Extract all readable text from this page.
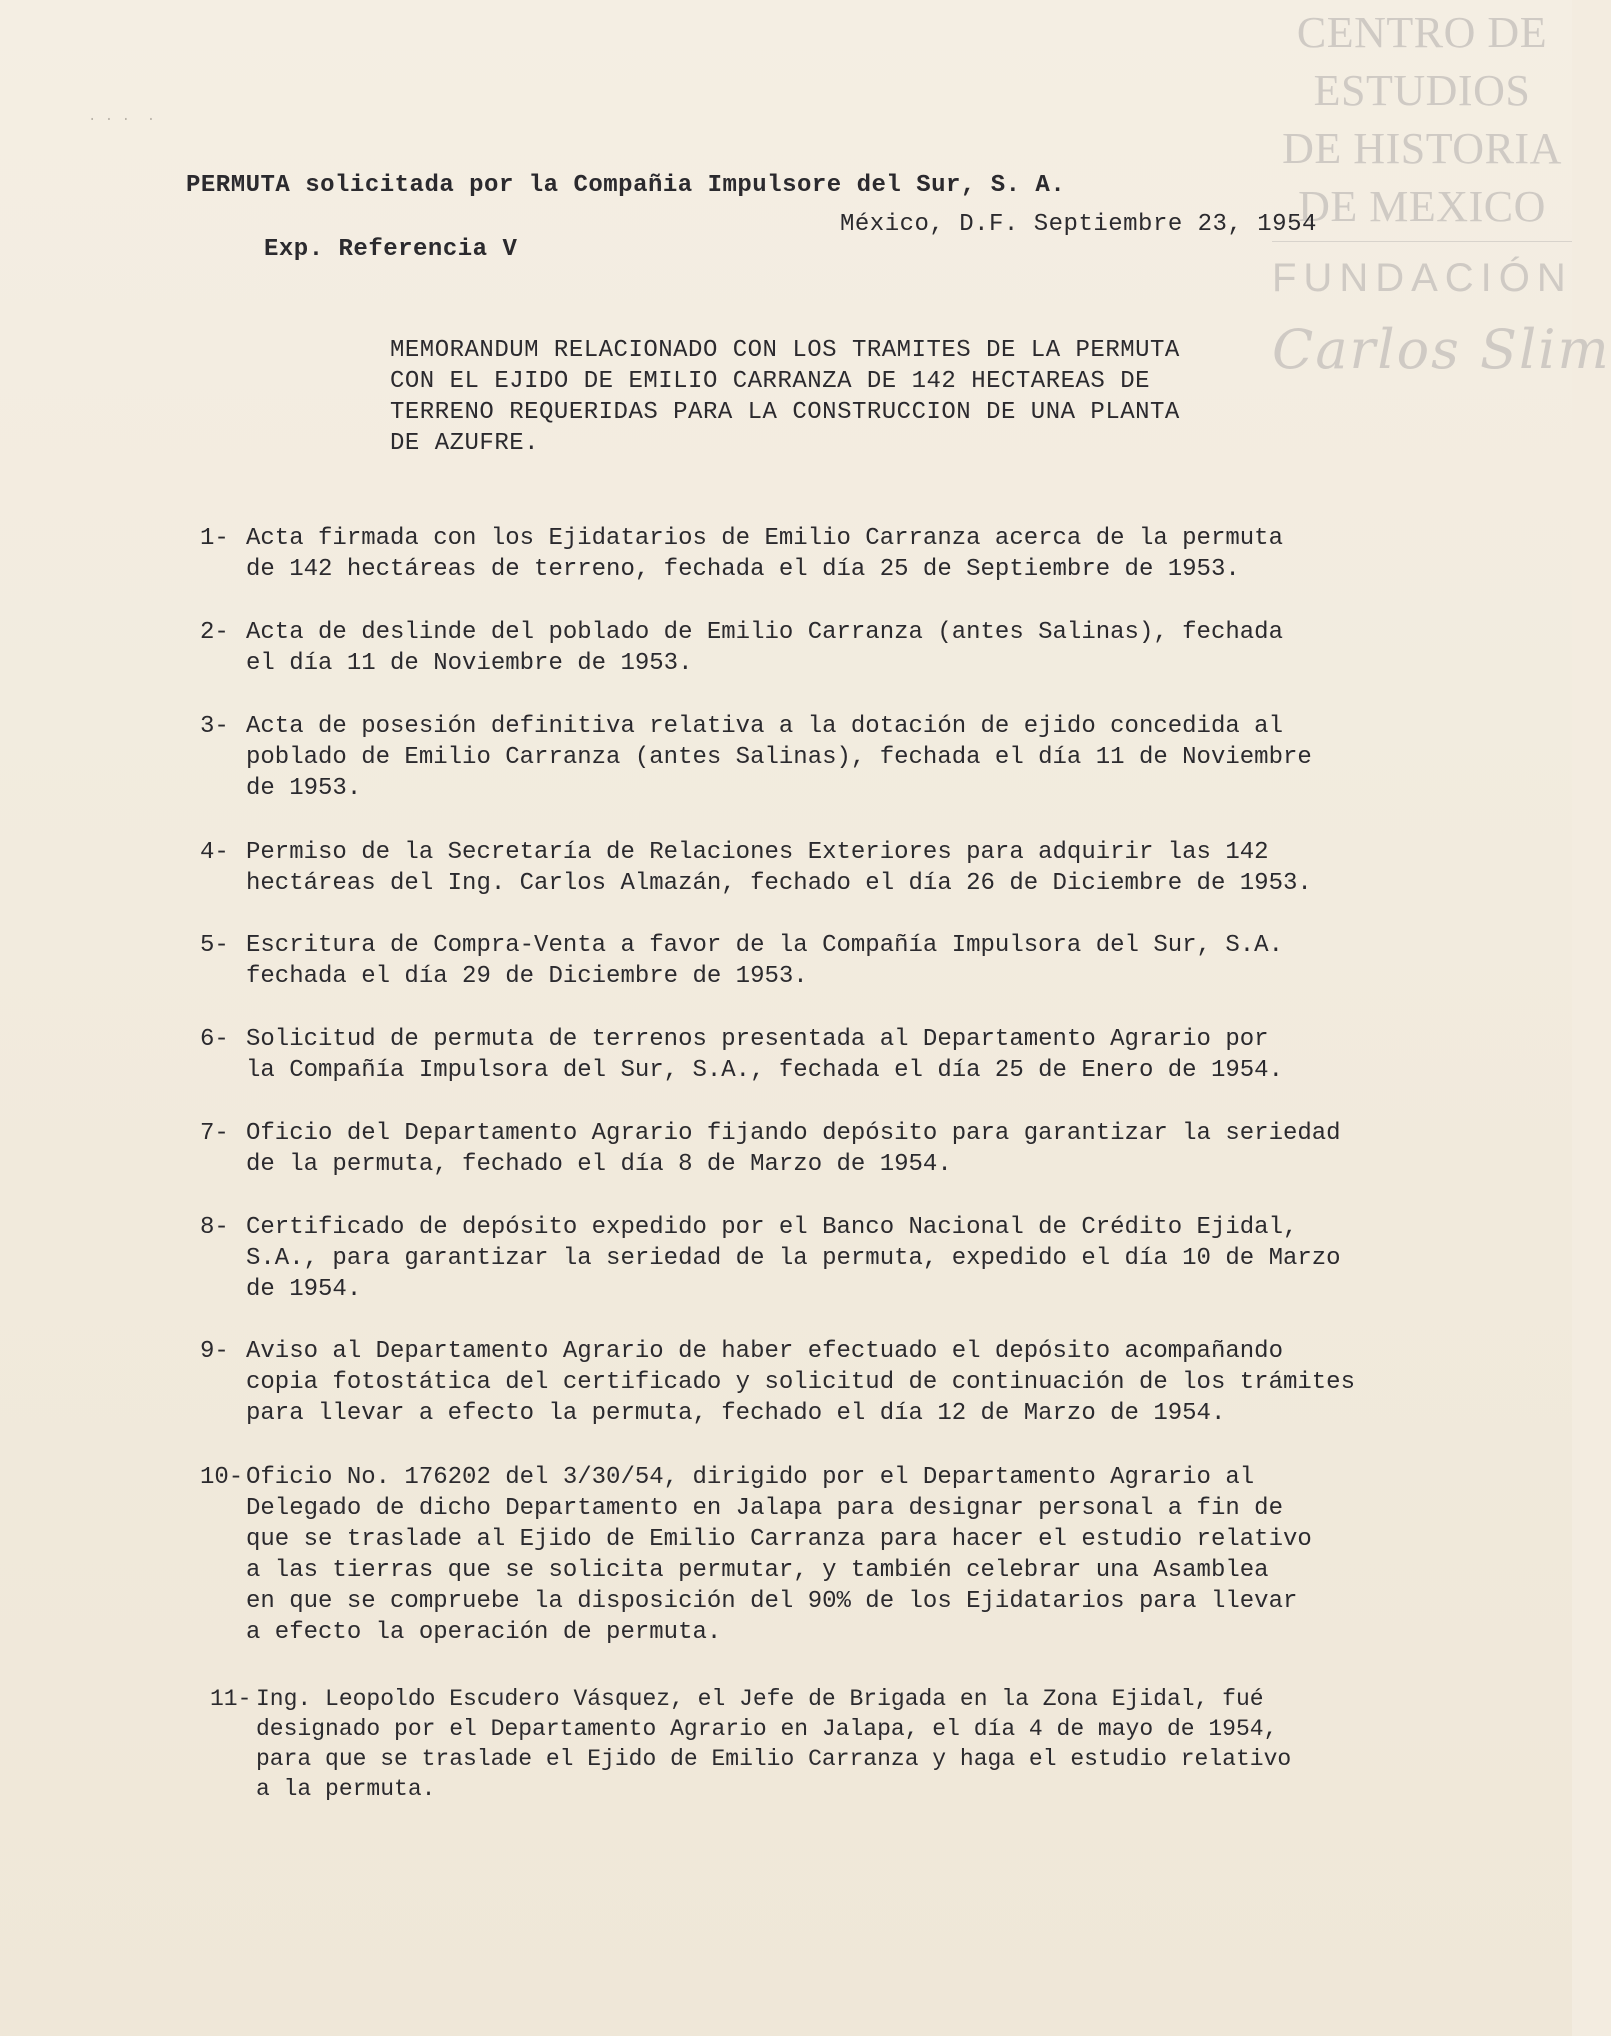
· · ·  ·
CENTRO DE
ESTUDIOS
DE HISTORIA
DE MEXICO
FUNDACIÓN
Carlos Slim
PERMUTA solicitada por la Compañia Impulsore del Sur, S. A.
México, D.F. Septiembre 23, 1954
Exp. Referencia V
MEMORANDUM RELACIONADO CON LOS TRAMITES DE LA PERMUTA
CON EL EJIDO DE EMILIO CARRANZA DE 142 HECTAREAS DE
TERRENO REQUERIDAS PARA LA CONSTRUCCION DE UNA PLANTA
DE AZUFRE.
1- Acta firmada con los Ejidatarios de Emilio Carranza acerca de la permuta
de 142 hectáreas de terreno, fechada el día 25 de Septiembre de 1953.
2- Acta de deslinde del poblado de Emilio Carranza (antes Salinas), fechada
el día 11 de Noviembre de 1953.
3- Acta de posesión definitiva relativa a la dotación de ejido concedida al
poblado de Emilio Carranza (antes Salinas), fechada el día 11 de Noviembre
de 1953.
4- Permiso de la Secretaría de Relaciones Exteriores para adquirir las 142
hectáreas del Ing. Carlos Almazán, fechado el día 26 de Diciembre de 1953.
5- Escritura de Compra-Venta a favor de la Compañía Impulsora del Sur, S.A.
fechada el día 29 de Diciembre de 1953.
6- Solicitud de permuta de terrenos presentada al Departamento Agrario por
la Compañía Impulsora del Sur, S.A., fechada el día 25 de Enero de 1954.
7- Oficio del Departamento Agrario fijando depósito para garantizar la seriedad
de la permuta, fechado el día 8 de Marzo de 1954.
8- Certificado de depósito expedido por el Banco Nacional de Crédito Ejidal,
S.A., para garantizar la seriedad de la permuta, expedido el día 10 de Marzo
de 1954.
9- Aviso al Departamento Agrario de haber efectuado el depósito acompañando
copia fotostática del certificado y solicitud de continuación de los trámites
para llevar a efecto la permuta, fechado el día 12 de Marzo de 1954.
10- Oficio No. 176202 del 3/30/54, dirigido por el Departamento Agrario al
Delegado de dicho Departamento en Jalapa para designar personal a fin de
que se traslade al Ejido de Emilio Carranza para hacer el estudio relativo
a las tierras que se solicita permutar, y también celebrar una Asamblea
en que se compruebe la disposición del 90% de los Ejidatarios para llevar
a efecto la operación de permuta.
11- Ing. Leopoldo Escudero Vásquez, el Jefe de Brigada en la Zona Ejidal, fué
designado por el Departamento Agrario en Jalapa, el día 4 de mayo de 1954,
para que se traslade el Ejido de Emilio Carranza y haga el estudio relativo
a la permuta.
